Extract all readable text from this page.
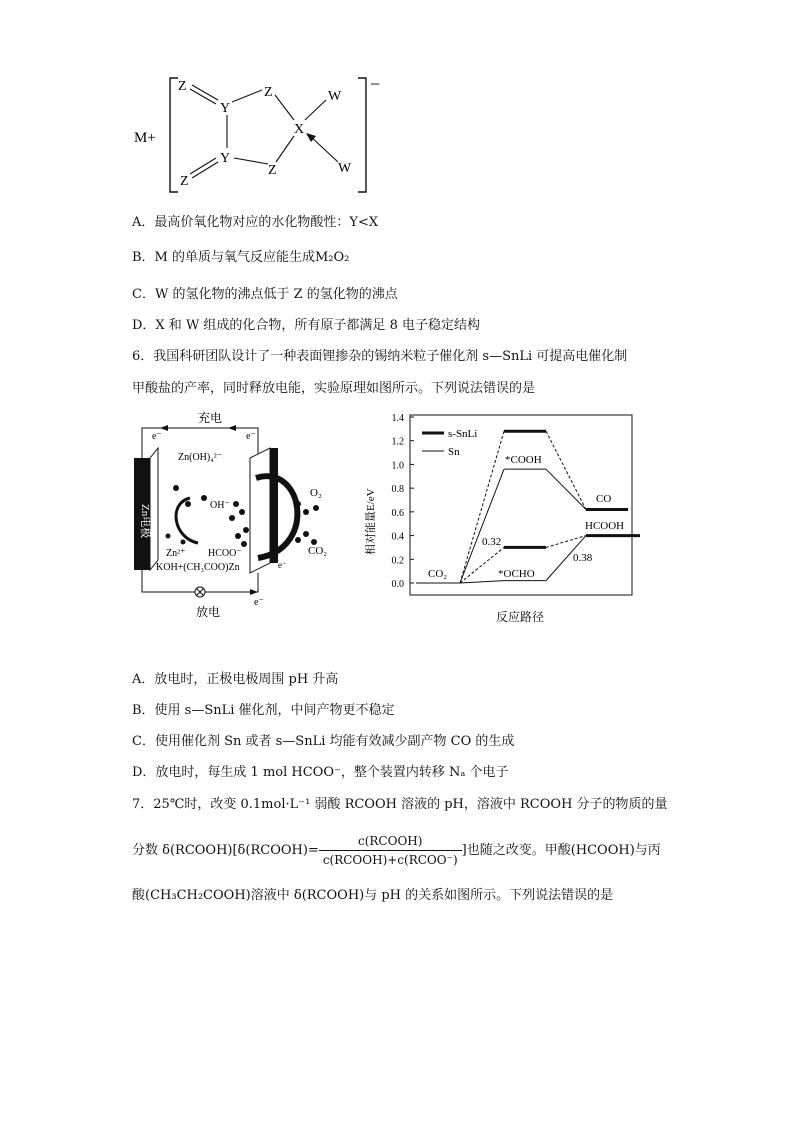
M+
−
Z
Y
Z	W
X
Y
Z	W
Z
A．最高价氧化物对应的水化物酸性：Y<X
B．M 的单质与氧气反应能生成M₂O₂
C．W 的氢化物的沸点低于 Z 的氢化物的沸点
D．X 和 W 组成的化合物，所有原子都满足 8 电子稳定结构
6．我国科研团队设计了一种表面锂掺杂的锡纳米粒子催化剂 s—SnLi 可提高电催化制
甲酸盐的产率，同时释放电能，实验原理如图所示。下列说法错误的是
充电
e⁻	e⁻
Zn电极
Zn(OH)₄²⁻
OH⁻
Zn²⁺ HCOO⁻
KOH+(CH₃COO)Zn
O₂
CO₂
e⁻
放电
e⁻
0.0
0.2
0.4
0.6
0.8
1.0
1.2
1.4
相对能量E/eV
反应路径
s-SnLi
Sn
CO₂
*COOH
*OCHO
CO
HCOOH
0.32
0.38
A．放电时，正极电极周围 pH 升高
B．使用 s—SnLi 催化剂，中间产物更不稳定
C．使用催化剂 Sn 或者 s—SnLi 均能有效减少副产物 CO 的生成
D．放电时，每生成 1 mol HCOO⁻，整个装置内转移 Nₐ 个电子
7．25℃时，改变 0.1mol·L⁻¹ 弱酸 RCOOH 溶液的 pH，溶液中 RCOOH 分子的物质的量
分数 δ(RCOOH)[δ(RCOOH)= $\frac{\text{c(RCOOH)}}{\text{c(RCOOH)+c(RCOO⁻)}}$ ]也随之改变。甲酸(HCOOH)与丙
酸(CH₃CH₂COOH)溶液中 δ(RCOOH)与 pH 的关系如图所示。下列说法错误的是
